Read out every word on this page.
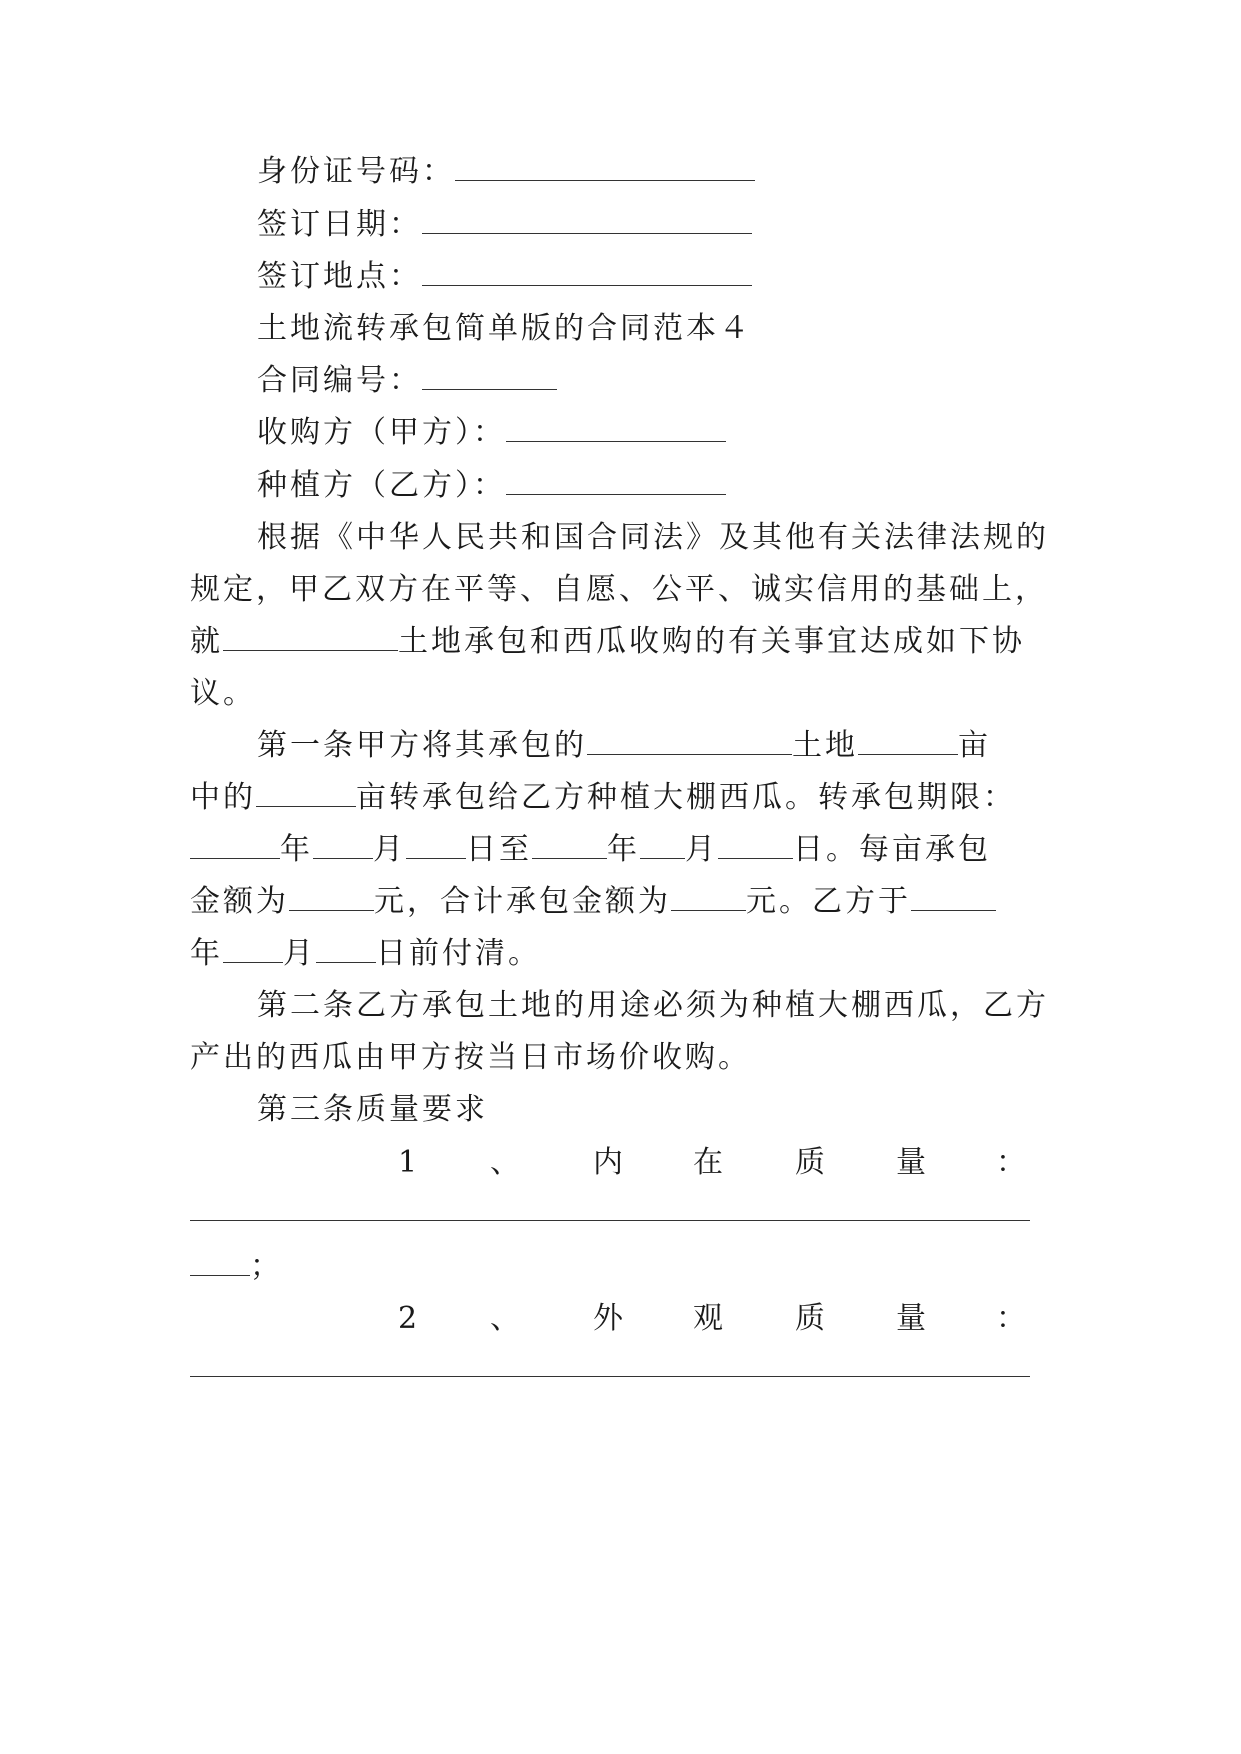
身份证号码：
签订日期：
签订地点：
土地流转承包简单版的合同范本４
合同编号：
收购方（甲方）：
种植方（乙方）：
根据《中华人民共和国合同法》及其他有关法律法规的
规定，甲乙双方在平等、自愿、公平、诚实信用的基础上，
就	土地承包和西瓜收购的有关事宜达成如下协
议。
第一条甲方将其承包的	土地	亩
中的	亩转承包给乙方种植大棚西瓜。转承包期限：
年 月 日至	年 月	日。每亩承包
金额为	元，合计承包金额为	元。乙方于
年 月 日前付清。
第二条乙方承包土地的用途必须为种植大棚西瓜，乙方
产出的西瓜由甲方按当日市场价收购。
第三条质量要求
1 、 内 在 质 量 ：
；
2 、 外 观 质 量 ：
